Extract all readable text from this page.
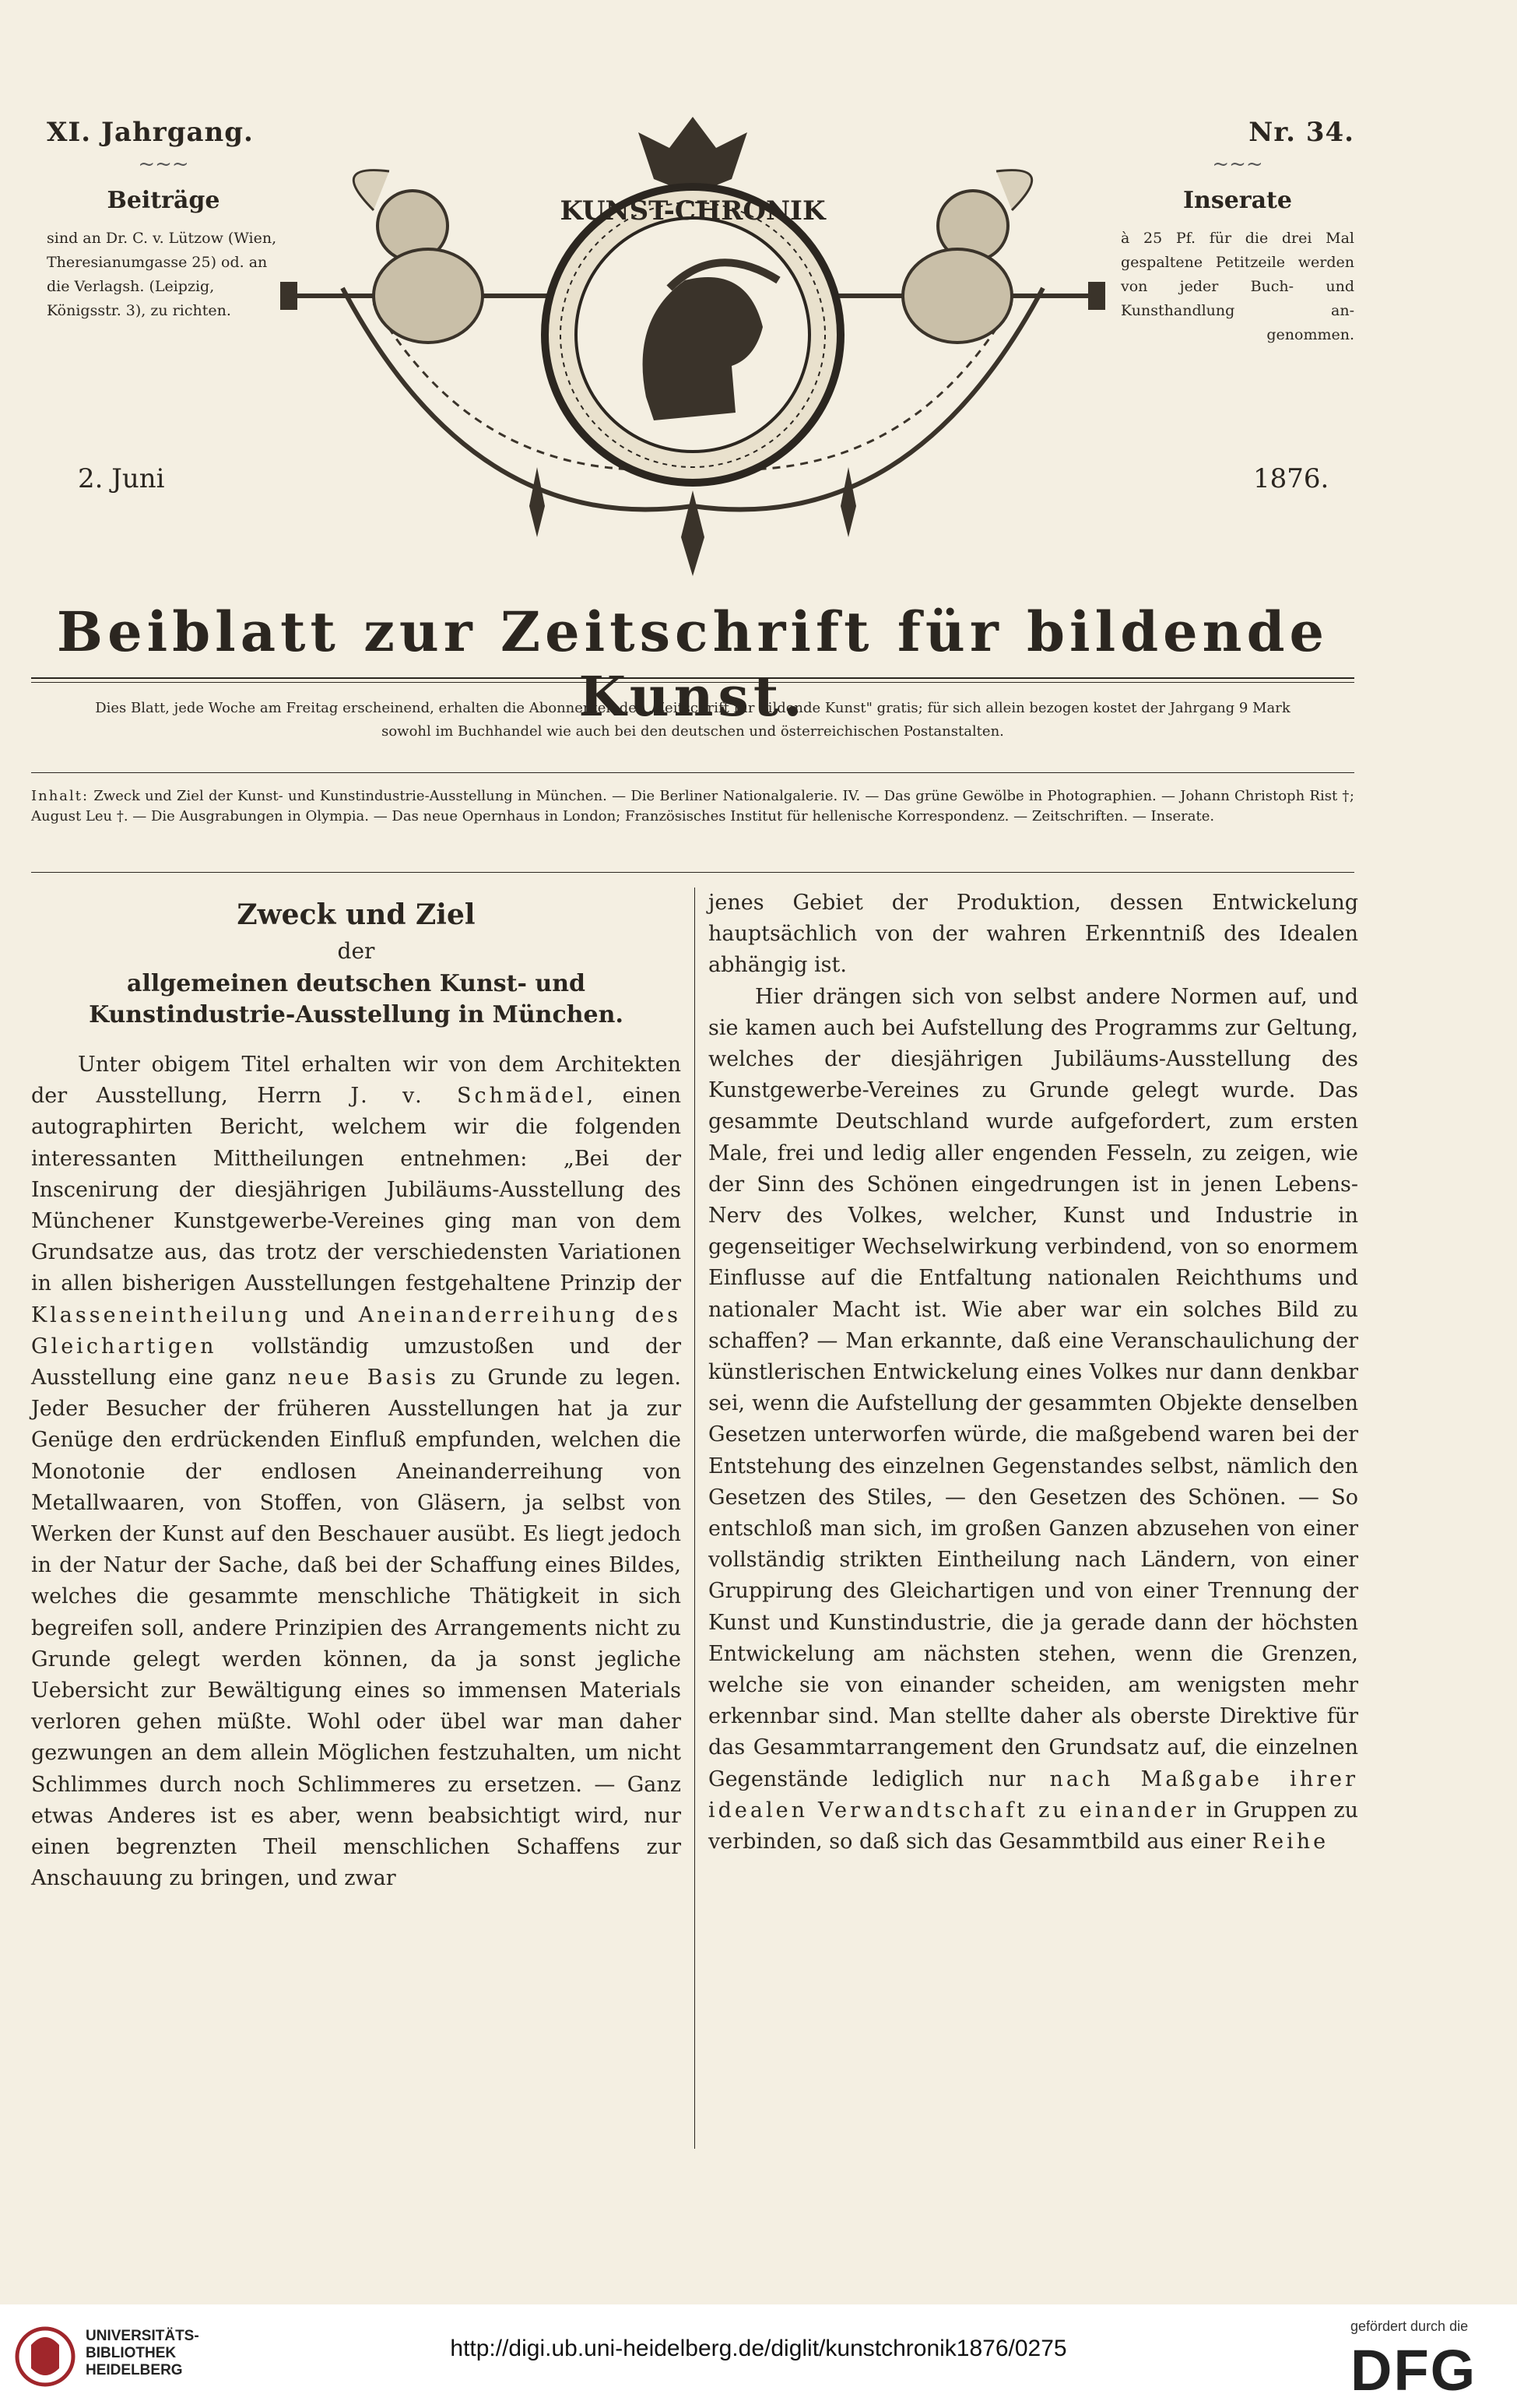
XI. Jahrgang.
~~~
Beiträge
sind an Dr. C. v. Lützow (Wien, Theresianumgasse 25) od. an die Verlagsh. (Leipzig, Königsstr. 3), zu richten.
KUNST-CHRONIK
Nr. 34.
~~~
Inserate
à 25 Pf. für die drei Mal gespaltene Petitzeile werden von jeder Buch- und Kunsthandlung an- genommen.
2. Juni	1876.
Beiblatt zur Zeitschrift für bildende Kunst.
Dies Blatt, jede Woche am Freitag erscheinend, erhalten die Abonnenten der „Zeitschrift für bildende Kunst" gratis; für sich allein bezogen kostet der Jahrgang 9 Mark sowohl im Buchhandel wie auch bei den deutschen und österreichischen Postanstalten.
Inhalt: Zweck und Ziel der Kunst- und Kunstindustrie-Ausstellung in München. — Die Berliner Nationalgalerie. IV. — Das grüne Gewölbe in Photographien. — Johann Christoph Rist †; August Leu †. — Die Ausgrabungen in Olympia. — Das neue Opernhaus in London; Französisches Institut für hellenische Korrespondenz. — Zeitschriften. — Inserate.
Zweck und Ziel
der
allgemeinen deutschen Kunst- und Kunstindustrie-Ausstellung in München.

Unter obigem Titel erhalten wir von dem Architekten der Ausstellung, Herrn J. v. Schmädel, einen autographirten Bericht, welchem wir die folgenden interessanten Mittheilungen entnehmen: „Bei der Inscenirung der diesjährigen Jubiläums-Ausstellung des Münchener Kunstgewerbe-Vereines ging man von dem Grundsatze aus, das trotz der verschiedensten Variationen in allen bisherigen Ausstellungen festgehaltene Prinzip der Klasseneintheilung und Aneinanderreihung des Gleichartigen vollständig umzustoßen und der Ausstellung eine ganz neue Basis zu Grunde zu legen. Jeder Besucher der früheren Ausstellungen hat ja zur Genüge den erdrückenden Einfluß empfunden, welchen die Monotonie der endlosen Aneinanderreihung von Metallwaaren, von Stoffen, von Gläsern, ja selbst von Werken der Kunst auf den Beschauer ausübt. Es liegt jedoch in der Natur der Sache, daß bei der Schaffung eines Bildes, welches die gesammte menschliche Thätigkeit in sich begreifen soll, andere Prinzipien des Arrangements nicht zu Grunde gelegt werden können, da ja sonst jegliche Uebersicht zur Bewältigung eines so immensen Materials verloren gehen müßte. Wohl oder übel war man daher gezwungen an dem allein Möglichen festzuhalten, um nicht Schlimmes durch noch Schlimmeres zu ersetzen. — Ganz etwas Anderes ist es aber, wenn beabsichtigt wird, nur einen begrenzten Theil menschlichen Schaffens zur Anschauung zu bringen, und zwar

jenes Gebiet der Produktion, dessen Entwickelung hauptsächlich von der wahren Erkenntniß des Idealen abhängig ist.

Hier drängen sich von selbst andere Normen auf, und sie kamen auch bei Aufstellung des Programms zur Geltung, welches der diesjährigen Jubiläums-Ausstellung des Kunstgewerbe-Vereines zu Grunde gelegt wurde. Das gesammte Deutschland wurde aufgefordert, zum ersten Male, frei und ledig aller engenden Fesseln, zu zeigen, wie der Sinn des Schönen eingedrungen ist in jenen Lebens-Nerv des Volkes, welcher, Kunst und Industrie in gegenseitiger Wechselwirkung verbindend, von so enormem Einflusse auf die Entfaltung nationalen Reichthums und nationaler Macht ist. Wie aber war ein solches Bild zu schaffen? — Man erkannte, daß eine Veranschaulichung der künstlerischen Entwickelung eines Volkes nur dann denkbar sei, wenn die Aufstellung der gesammten Objekte denselben Gesetzen unterworfen würde, die maßgebend waren bei der Entstehung des einzelnen Gegenstandes selbst, nämlich den Gesetzen des Stiles, — den Gesetzen des Schönen. — So entschloß man sich, im großen Ganzen abzusehen von einer vollständig strikten Eintheilung nach Ländern, von einer Gruppirung des Gleichartigen und von einer Trennung der Kunst und Kunstindustrie, die ja gerade dann der höchsten Entwickelung am nächsten stehen, wenn die Grenzen, welche sie von einander scheiden, am wenigsten mehr erkennbar sind. Man stellte daher als oberste Direktive für das Gesammtarrangement den Grundsatz auf, die einzelnen Gegenstände lediglich nur nach Maßgabe ihrer idealen Verwandtschaft zu einander in Gruppen zu verbinden, so daß sich das Gesammtbild aus einer Reihe

UNIVERSITÄTS- BIBLIOTHEK HEIDELBERG
http://digi.ub.uni-heidelberg.de/diglit/kunstchronik1876/0275
gefördert durch die
DFG
